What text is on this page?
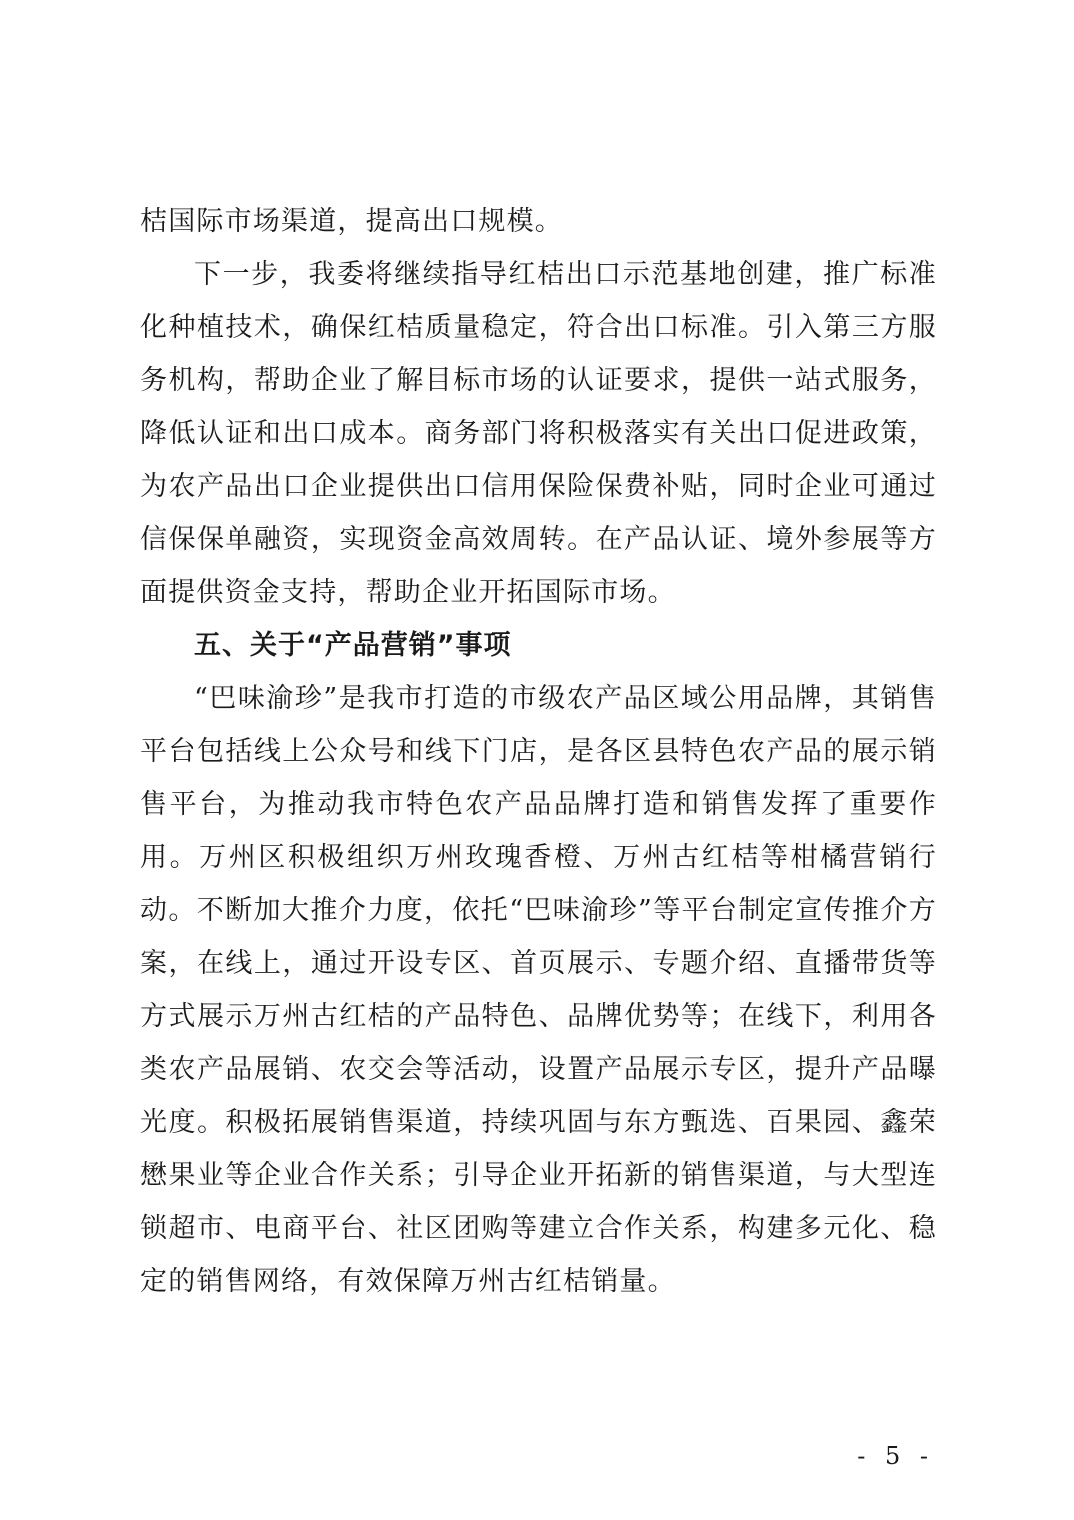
桔国际市场渠道，提高出口规模。

下一步，我委将继续指导红桔出口示范基地创建，推广标准化种植技术，确保红桔质量稳定，符合出口标准。引入第三方服务机构，帮助企业了解目标市场的认证要求，提供一站式服务，降低认证和出口成本。商务部门将积极落实有关出口促进政策，为农产品出口企业提供出口信用保险保费补贴，同时企业可通过信保保单融资，实现资金高效周转。在产品认证、境外参展等方面提供资金支持，帮助企业开拓国际市场。

五、关于“产品营销”事项

“巴味渝珍”是我市打造的市级农产品区域公用品牌，其销售平台包括线上公众号和线下门店，是各区县特色农产品的展示销售平台，为推动我市特色农产品品牌打造和销售发挥了重要作用。万州区积极组织万州玫瑰香橙、万州古红桔等柑橘营销行动。不断加大推介力度，依托“巴味渝珍”等平台制定宣传推介方案，在线上，通过开设专区、首页展示、专题介绍、直播带货等方式展示万州古红桔的产品特色、品牌优势等；在线下，利用各类农产品展销、农交会等活动，设置产品展示专区，提升产品曝光度。积极拓展销售渠道，持续巩固与东方甄选、百果园、鑫荣懋果业等企业合作关系；引导企业开拓新的销售渠道，与大型连锁超市、电商平台、社区团购等建立合作关系，构建多元化、稳定的销售网络，有效保障万州古红桔销量。

- 5 -
